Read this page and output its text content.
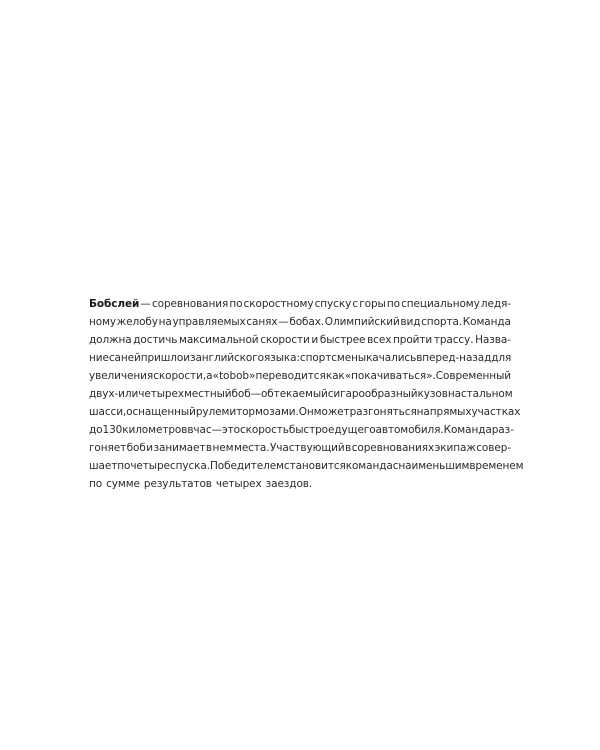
Бобслей — соревнования по скоростному спуску с горы по специальному ледя-
ному желобу на управляемых санях — бобах. Олимпийский вид спорта. Команда
должна достичь максимальной скорости и быстрее всех пройти трассу. Назва-
ние саней пришло из английского языка: спортсмены качались вперед-назад для
увеличения скорости, а «to bob» переводится как «покачиваться». Современный
двух- или четырехместный боб — обтекаемый сигарообразный кузов на стальном
шасси, оснащенный рулем и тормозами. Он может разгоняться на прямых участках
до 130 километров в час — это скорость быстро едущего автомобиля. Команда раз-
гоняет боб и занимает в нем места. Участвующий в соревнованиях экипаж совер-
шает по четыре спуска. Победителем становится команда с наименьшим временем
по сумме результатов четырех заездов.
